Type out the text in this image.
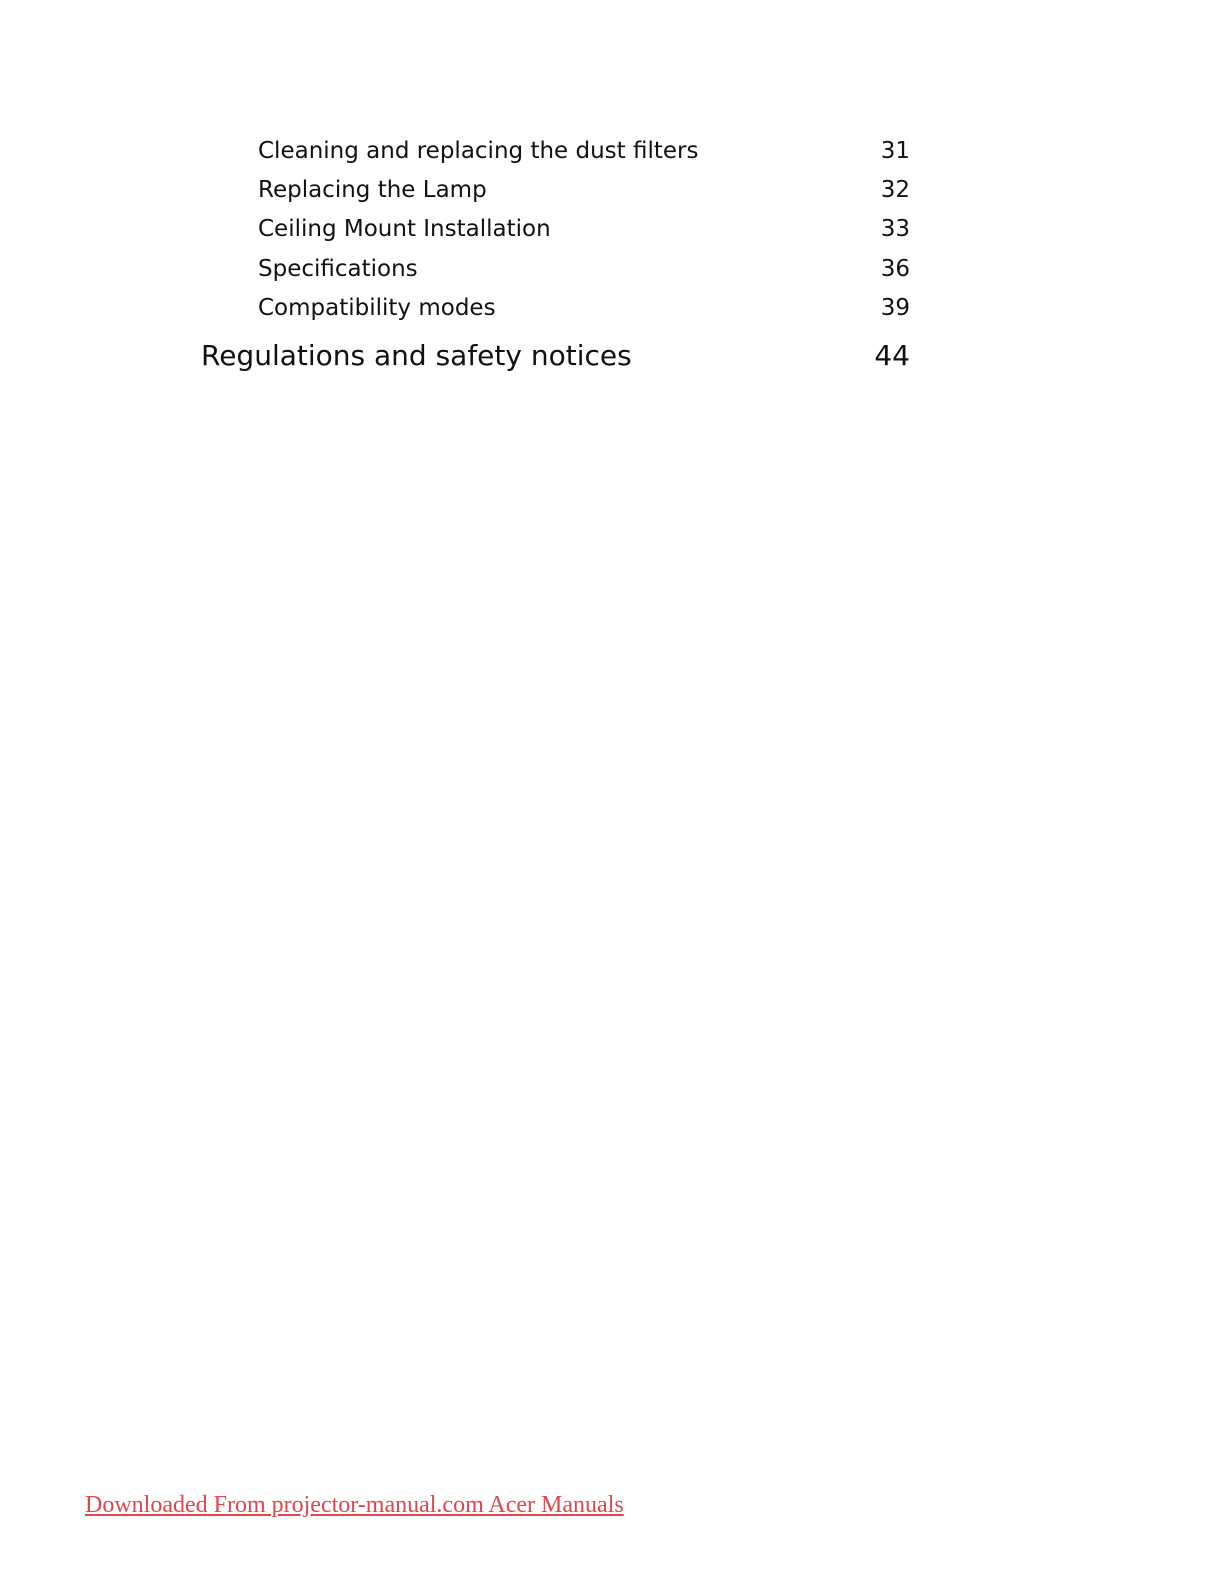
Cleaning and replacing the dust filters	31
Replacing the Lamp	32
Ceiling Mount Installation	33
Specifications	36
Compatibility modes	39
Regulations and safety notices	44
Downloaded From projector-manual.com Acer Manuals
